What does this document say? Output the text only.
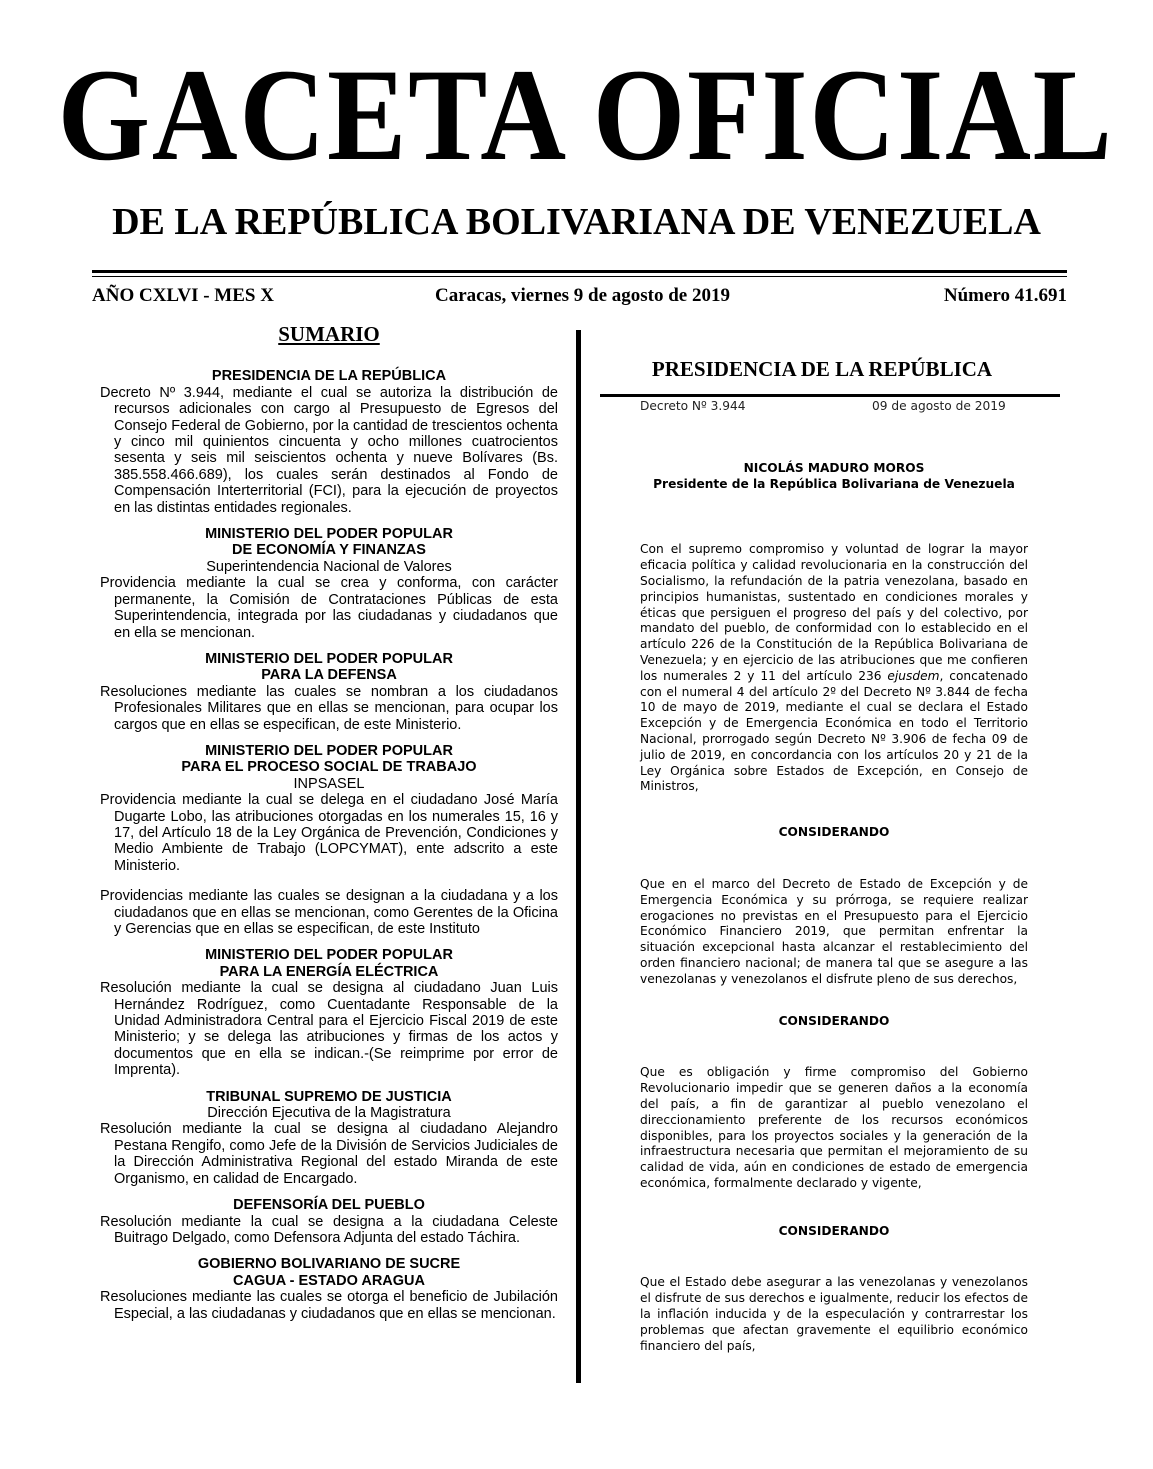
GACETA OFICIAL
DE LA REPÚBLICA BOLIVARIANA DE VENEZUELA
AÑO CXLVI - MES X	Caracas, viernes 9 de agosto de 2019	Número 41.691
SUMARIO
PRESIDENCIA DE LA REPÚBLICA
Decreto Nº 3.944, mediante el cual se autoriza la distribución de recursos adicionales con cargo al Presupuesto de Egresos del Consejo Federal de Gobierno, por la cantidad de trescientos ochenta y cinco mil quinientos cincuenta y ocho millones cuatrocientos sesenta y seis mil seiscientos ochenta y nueve Bolívares (Bs. 385.558.466.689), los cuales serán destinados al Fondo de Compensación Interterritorial (FCI), para la ejecución de proyectos en las distintas entidades regionales.
MINISTERIO DEL PODER POPULAR
DE ECONOMÍA Y FINANZAS
Superintendencia Nacional de Valores
Providencia mediante la cual se crea y conforma, con carácter permanente, la Comisión de Contrataciones Públicas de esta Superintendencia, integrada por las ciudadanas y ciudadanos que en ella se mencionan.
MINISTERIO DEL PODER POPULAR
PARA LA DEFENSA
Resoluciones mediante las cuales se nombran a los ciudadanos Profesionales Militares que en ellas se mencionan, para ocupar los cargos que en ellas se especifican, de este Ministerio.
MINISTERIO DEL PODER POPULAR
PARA EL PROCESO SOCIAL DE TRABAJO
INPSASEL
Providencia mediante la cual se delega en el ciudadano José María Dugarte Lobo, las atribuciones otorgadas en los numerales 15, 16 y 17, del Artículo 18 de la Ley Orgánica de Prevención, Condiciones y Medio Ambiente de Trabajo (LOPCYMAT), ente adscrito a este Ministerio.
Providencias mediante las cuales se designan a la ciudadana y a los ciudadanos que en ellas se mencionan, como Gerentes de la Oficina y Gerencias que en ellas se especifican, de este Instituto
MINISTERIO DEL PODER POPULAR
PARA LA ENERGÍA ELÉCTRICA
Resolución mediante la cual se designa al ciudadano Juan Luis Hernández Rodríguez, como Cuentadante Responsable de la Unidad Administradora Central para el Ejercicio Fiscal 2019 de este Ministerio; y se delega las atribuciones y firmas de los actos y documentos que en ella se indican.-(Se reimprime por error de Imprenta).
TRIBUNAL SUPREMO DE JUSTICIA
Dirección Ejecutiva de la Magistratura
Resolución mediante la cual se designa al ciudadano Alejandro Pestana Rengifo, como Jefe de la División de Servicios Judiciales de la Dirección Administrativa Regional del estado Miranda de este Organismo, en calidad de Encargado.
DEFENSORÍA DEL PUEBLO
Resolución mediante la cual se designa a la ciudadana Celeste Buitrago Delgado, como Defensora Adjunta del estado Táchira.
GOBIERNO BOLIVARIANO DE SUCRE
CAGUA - ESTADO ARAGUA
Resoluciones mediante las cuales se otorga el beneficio de Jubilación Especial, a las ciudadanas y ciudadanos que en ellas se mencionan.
PRESIDENCIA DE LA REPÚBLICA
Decreto Nº 3.944	09 de agosto de 2019
NICOLÁS MADURO MOROS
Presidente de la República Bolivariana de Venezuela
Con el supremo compromiso y voluntad de lograr la mayor eficacia política y calidad revolucionaria en la construcción del Socialismo, la refundación de la patria venezolana, basado en principios humanistas, sustentado en condiciones morales y éticas que persiguen el progreso del país y del colectivo, por mandato del pueblo, de conformidad con lo establecido en el artículo 226 de la Constitución de la República Bolivariana de Venezuela; y en ejercicio de las atribuciones que me confieren los numerales 2 y 11 del artículo 236 ejusdem, concatenado con el numeral 4 del artículo 2º del Decreto Nº 3.844 de fecha 10 de mayo de 2019, mediante el cual se declara el Estado Excepción y de Emergencia Económica en todo el Territorio Nacional, prorrogado según Decreto Nº 3.906 de fecha 09 de julio de 2019, en concordancia con los artículos 20 y 21 de la Ley Orgánica sobre Estados de Excepción, en Consejo de Ministros,
CONSIDERANDO
Que en el marco del Decreto de Estado de Excepción y de Emergencia Económica y su prórroga, se requiere realizar erogaciones no previstas en el Presupuesto para el Ejercicio Económico Financiero 2019, que permitan enfrentar la situación excepcional hasta alcanzar el restablecimiento del orden financiero nacional; de manera tal que se asegure a las venezolanas y venezolanos el disfrute pleno de sus derechos,
CONSIDERANDO
Que es obligación y firme compromiso del Gobierno Revolucionario impedir que se generen daños a la economía del país, a fin de garantizar al pueblo venezolano el direccionamiento preferente de los recursos económicos disponibles, para los proyectos sociales y la generación de la infraestructura necesaria que permitan el mejoramiento de su calidad de vida, aún en condiciones de estado de emergencia económica, formalmente declarado y vigente,
CONSIDERANDO
Que el Estado debe asegurar a las venezolanas y venezolanos el disfrute de sus derechos e igualmente, reducir los efectos de la inflación inducida y de la especulación y contrarrestar los problemas que afectan gravemente el equilibrio económico financiero del país,
